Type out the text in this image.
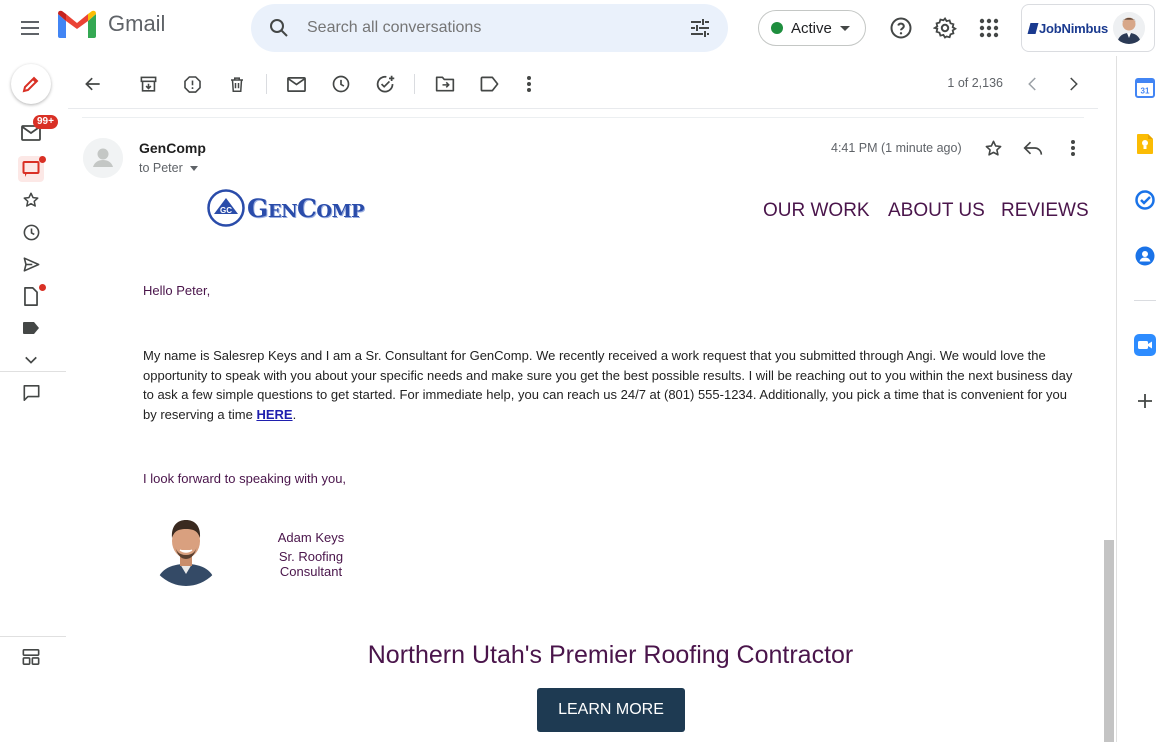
Gmail
Search all conversations	Active	JobNimbus
99+
1 of 2,136
GenComp
to Peter
4:41 PM (1 minute ago)
GC GenComp	OUR WORK ABOUT US REVIEWS
Hello Peter,
My name is Salesrep Keys and I am a Sr. Consultant for GenComp. We recently received a work request that you submitted through Angi. We would love the opportunity to speak with you about your specific needs and make sure you get the best possible results. I will be reaching out to you within the next business day to ask a few simple questions to get started. For immediate help, you can reach us 24/7 at (801) 555-1234. Additionally, you pick a time that is convenient for you by reserving a time HERE.
I look forward to speaking with you,
Adam Keys
Sr. Roofing Consultant
Northern Utah's Premier Roofing Contractor
LEARN MORE
31
